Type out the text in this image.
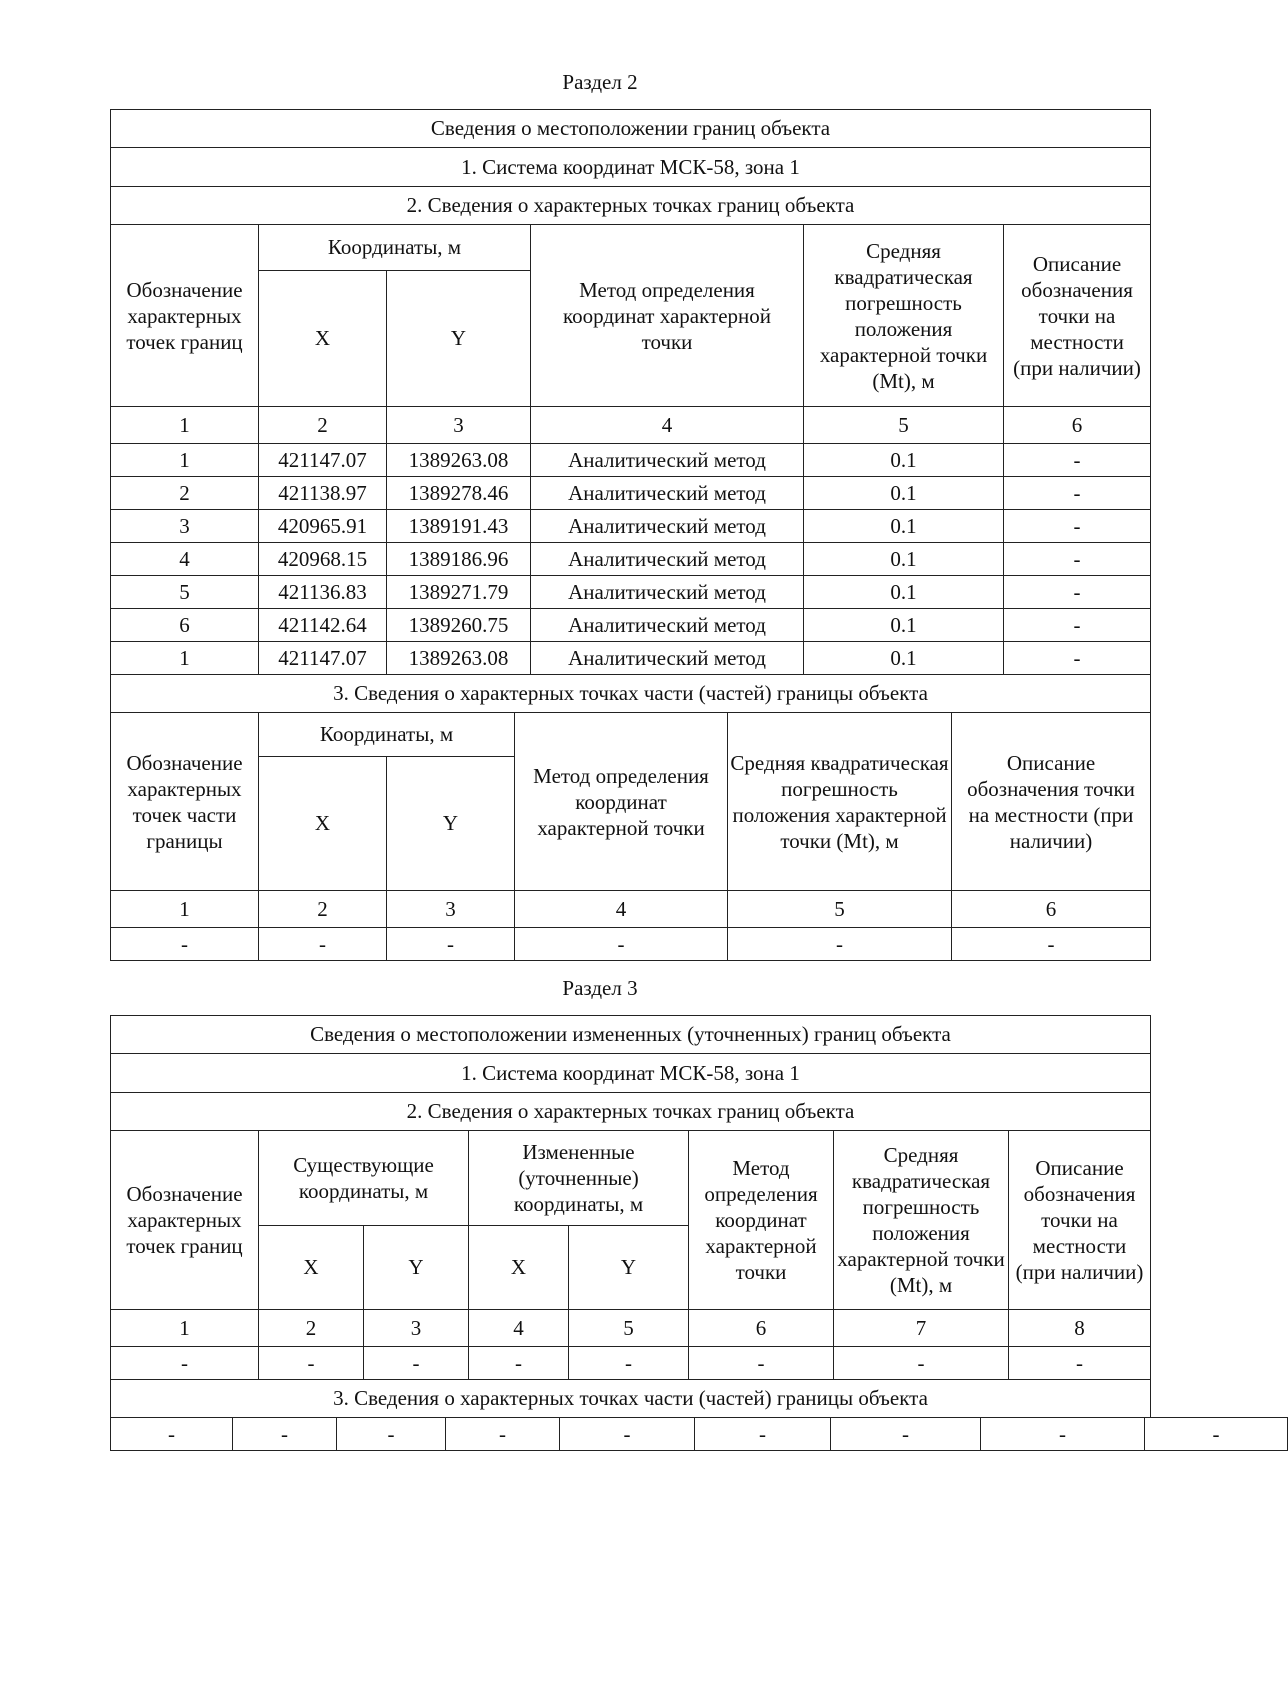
Раздел 2
Сведения о местоположении границ объекта					
1. Система координат МСК-58, зона 1					
2. Сведения о характерных точках границ объекта					
Обозначение характерных точек границ	Координаты, м		Метод определения координат характерной точки	Средняя квадратическая погрешность положения характерной точки (Mt), м	Описание обозначения точки на местности (при наличии)
	X	Y			
1	2	3	4	5	6
1	421147.07	1389263.08	Аналитический метод	0.1	-
2	421138.97	1389278.46	Аналитический метод	0.1	-
3	420965.91	1389191.43	Аналитический метод	0.1	-
4	420968.15	1389186.96	Аналитический метод	0.1	-
5	421136.83	1389271.79	Аналитический метод	0.1	-
6	421142.64	1389260.75	Аналитический метод	0.1	-
1	421147.07	1389263.08	Аналитический метод	0.1	-
3. Сведения о характерных точках части (частей) границы объекта					
Обозначение характерных точек части границы	Координаты, м		Метод определения координат характерной точки	Средняя квадратическая погрешность положения характерной точки (Mt), м	Описание обозначения точки на местности (при наличии)
	X	Y			
1	2	3	4	5	6
-	-	-	-	-	-
Раздел 3
Сведения о местоположении измененных (уточненных) границ объекта							
1. Система координат МСК-58, зона 1							
2. Сведения о характерных точках границ объекта							
Обозначение характерных точек границ	Существующие координаты, м		Измененные (уточненные) координаты, м		Метод определения координат характерной точки	Средняя квадратическая погрешность положения характерной точки (Mt), м	Описание обозначения точки на местности (при наличии)
	X	Y	X	Y			
1	2	3	4	5	6	7	8
-	-	-	-	-	-	-	-
3. Сведения о характерных точках части (частей) границы объекта							
-	-	-	-	-	-	-	-	-
